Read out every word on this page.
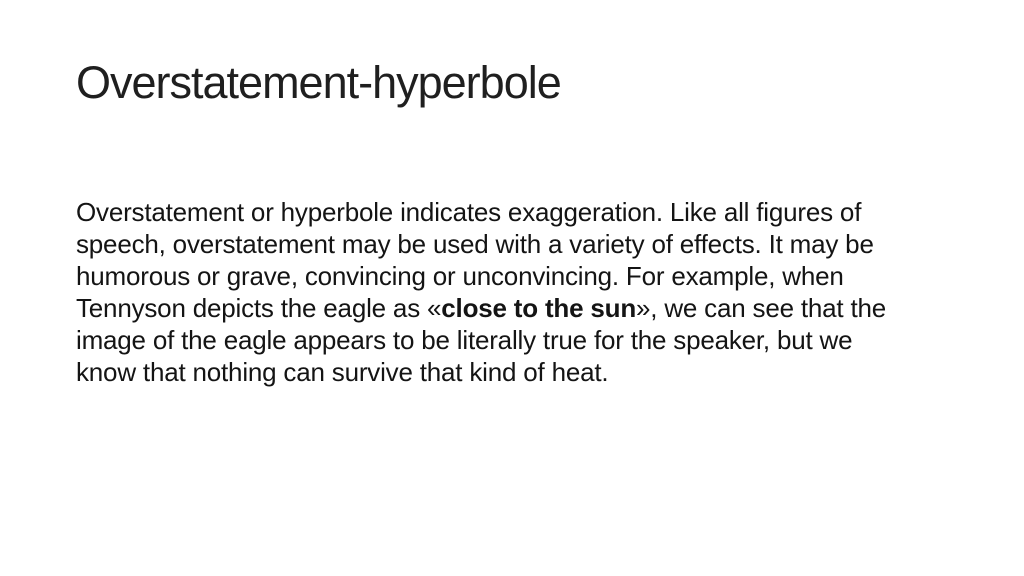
Overstatement-hyperbole
Overstatement or hyperbole indicates exaggeration. Like all figures of
speech, overstatement may be used with a variety of effects. It may be
humorous or grave, convincing or unconvincing. For example, when
Tennyson depicts the eagle as «close to the sun», we can see that the
image of the eagle appears to be literally true for the speaker, but we
know that nothing can survive that kind of heat.
